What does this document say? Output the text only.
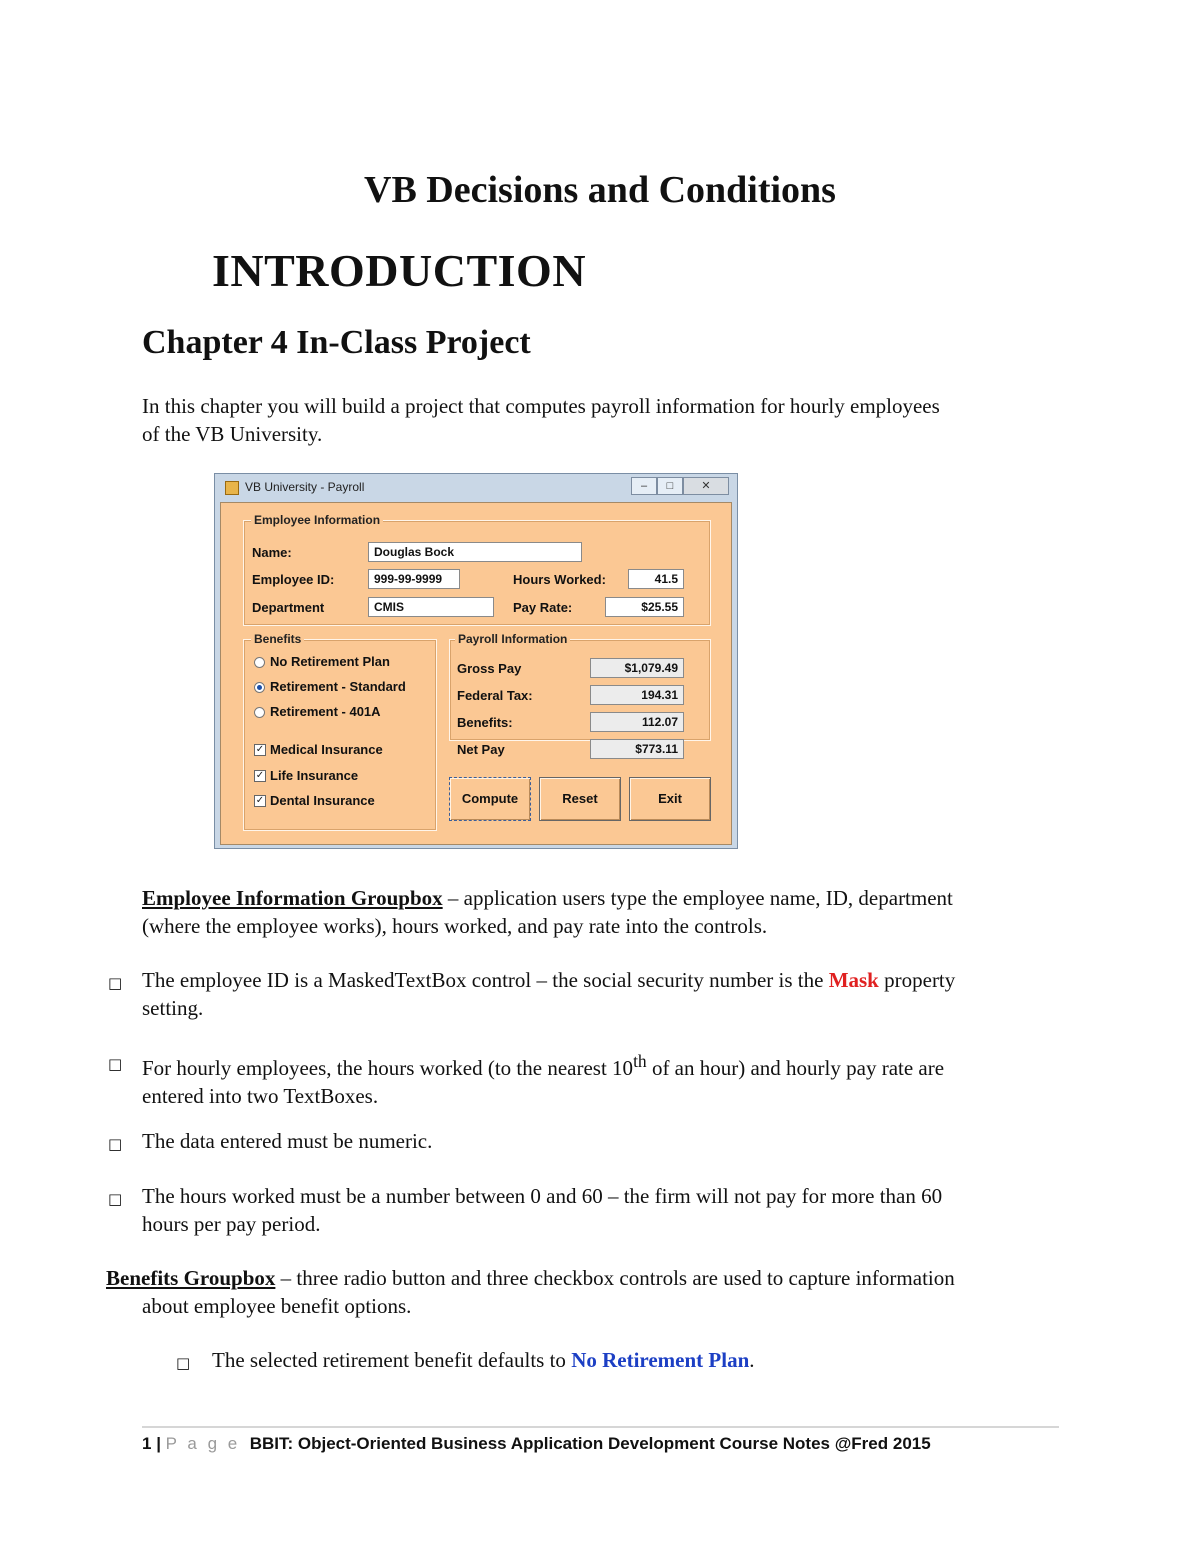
VB Decisions and Conditions
INTRODUCTION
Chapter 4 In-Class Project
In this chapter you will build a project that computes payroll information for hourly employees
of the VB University.
VB University - Payroll	–	□	✕
Employee Information
Name:	Douglas Bock
Employee ID:	999-99-9999	Hours Worked:	41.5
Department	CMIS	Pay Rate:	$25.55
Benefits
No Retirement Plan
Retirement - Standard
Retirement - 401A
✓ Medical Insurance
✓ Life Insurance
✓ Dental Insurance
Payroll Information
Gross Pay	$1,079.49
Federal Tax:	194.31
Benefits:	112.07
Net Pay	$773.11
Compute	Reset	Exit
Employee Information Groupbox – application users type the employee name, ID, department
(where the employee works), hours worked, and pay rate into the controls.
□ The employee ID is a MaskedTextBox control – the social security number is the Mask property
setting.
□ For hourly employees, the hours worked (to the nearest 10th of an hour) and hourly pay rate are
entered into two TextBoxes.
□ The data entered must be numeric.
□ The hours worked must be a number between 0 and 60 – the firm will not pay for more than 60
hours per pay period.
Benefits Groupbox – three radio button and three checkbox controls are used to capture information
about employee benefit options.
□ The selected retirement benefit defaults to No Retirement Plan.
1 | P a g e BBIT: Object-Oriented Business Application Development Course Notes @Fred 2015
